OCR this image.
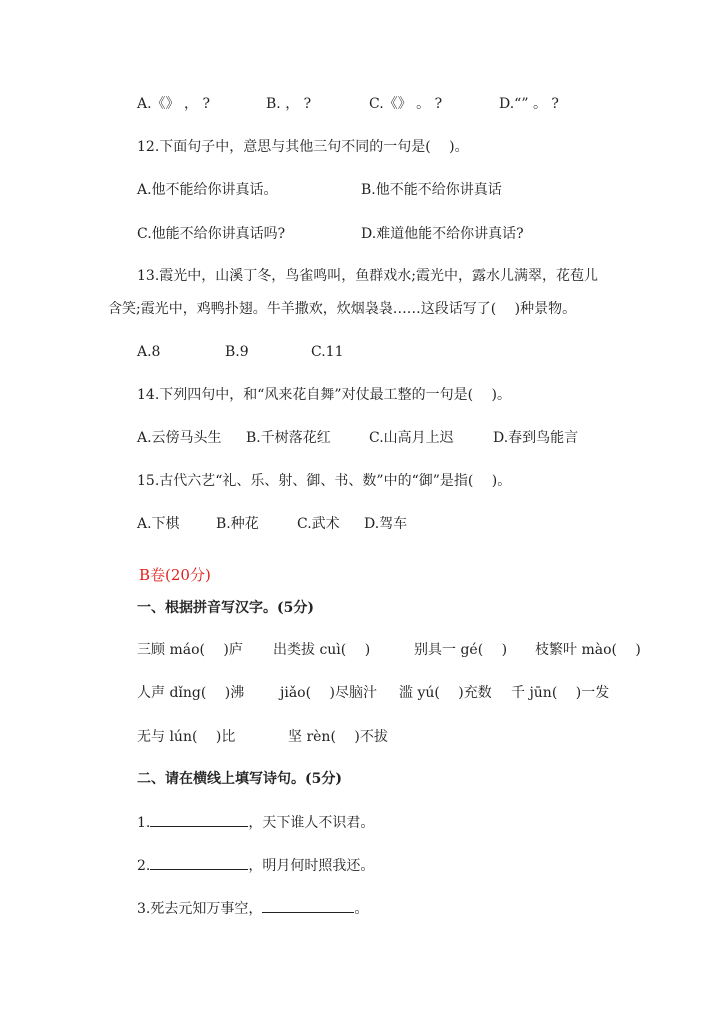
A.《》 ， ?	B. ， ?	C.《》 。 ?	D.“” 。 ?
12.下面句子中，意思与其他三句不同的一句是(　 )。
A.他不能给你讲真话。	B.他不能不给你讲真话
C.他能不给你讲真话吗?	D.难道他能不给你讲真话?
13.霞光中，山溪丁冬，鸟雀鸣叫，鱼群戏水;霞光中，露水儿满翠，花苞儿
含笑;霞光中，鸡鸭扑翅。牛羊撒欢，炊烟袅袅……这段话写了(　 )种景物。
A.8	B.9	C.11
14.下列四句中，和“风来花自舞”对仗最工整的一句是(　 )。
A.云傍马头生 B.千树落花红	C.山高月上迟	D.春到鸟能言
15.古代六艺“礼、乐、射、御、书、数”中的“御”是指(　 )。
A.下棋	B.种花	C.武术 D.驾车
B卷(20分)
一、根据拼音写汉字。(5分)
三顾 máo(　 )庐 出类拔 cuì(　 )	别具一 gé(　 ) 枝繁叶 mào(　 )
人声 dǐng(　 )沸	jiǎo(　 )尽脑汁 滥 yú(　 )充数 千 jūn(　 )一发
无与 lún(　 )比	坚 rèn(　 )不拔
二、请在横线上填写诗句。(5分)
1.	，天下谁人不识君。
2.	，明月何时照我还。
3.死去元知万事空，	。
